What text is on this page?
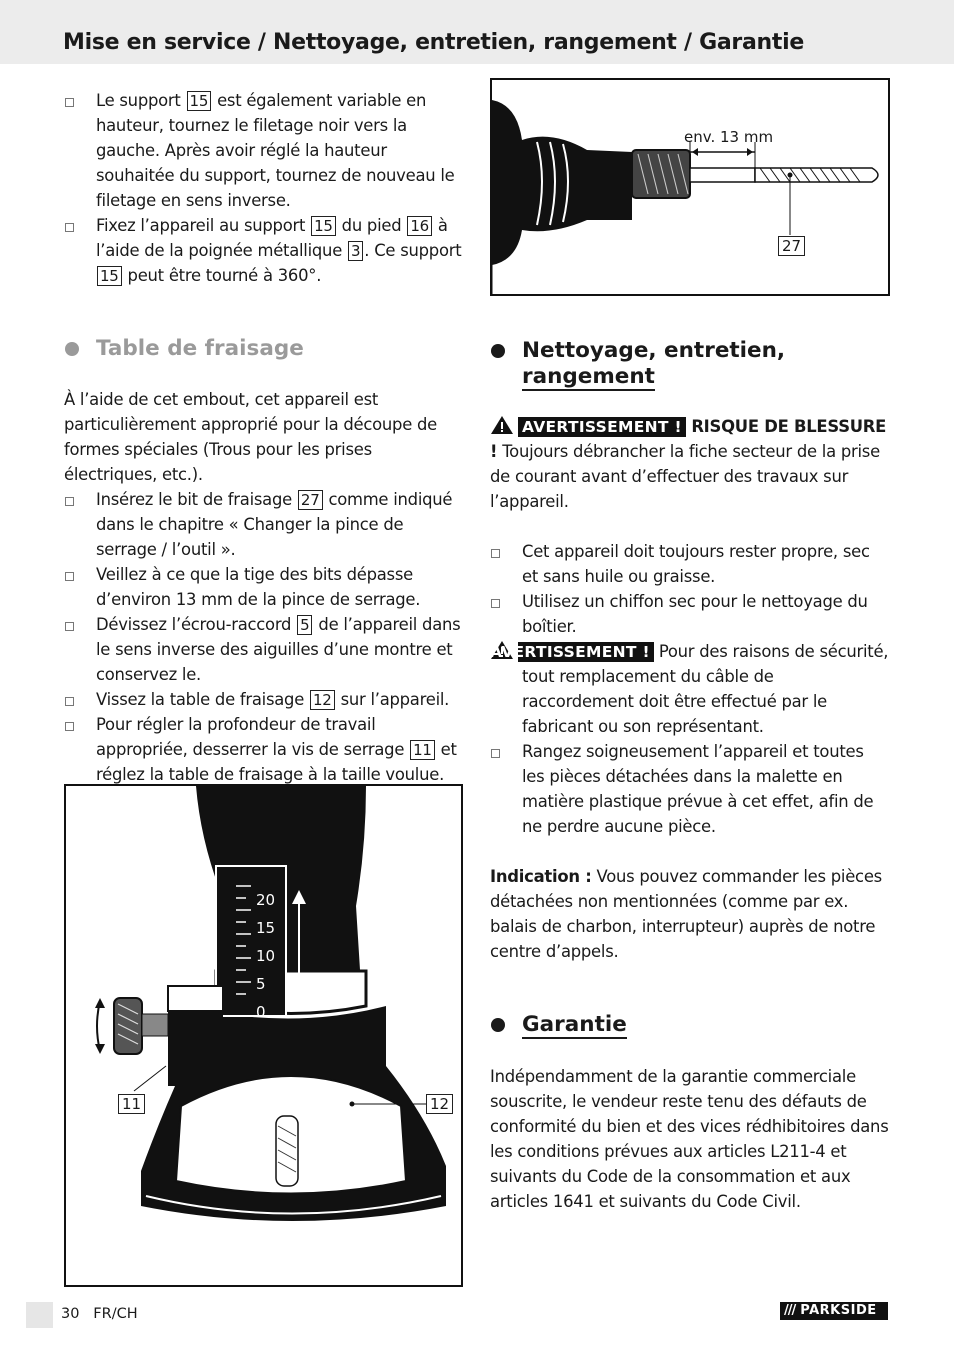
Mise en service / Nettoyage, entretien, rangement / Garantie

Le support 15 est également variable en hauteur, tournez le filetage noir vers la gauche. Après avoir réglé la hauteur souhaitée du support, tournez de nouveau le filetage en sens inverse.

Fixez l’appareil au support 15 du pied 16 à l’aide de la poignée métallique 3 . Ce support 15 peut être tourné à 360°.

Table de fraisage

À l’aide de cet embout, cet appareil est particulièrement approprié pour la découpe de formes spéciales (Trous pour les prises électriques, etc.).

Insérez le bit de fraisage 27 comme indiqué dans le chapitre « Changer la pince de serrage / l’outil ».

Veillez à ce que la tige des bits dépasse d’environ 13 mm de la pince de serrage.

Dévissez l’écrou-raccord 5 de l’appareil dans le sens inverse des aiguilles d’une montre et conservez le.

Vissez la table de fraisage 12 sur l’appareil.

Pour régler la profondeur de travail appropriée, desserrer la vis de serrage 11 et réglez la table de fraisage à la taille voulue.

20
15
10
5
0
11	12
env. 13 mm
27
Nettoyage, entretien,
rangement

AVERTISSEMENT ! RISQUE DE BLESSURE ! Toujours débrancher la fiche secteur de la prise de courant avant d’effectuer des travaux sur l’appareil.

Cet appareil doit toujours rester propre, sec et sans huile ou graisse.

Utilisez un chiffon sec pour le nettoyage du boîtier.

AVERTISSEMENT ! Pour des raisons de sécurité, tout remplacement du câble de raccordement doit être effectué par le fabricant ou son représentant.

Rangez soigneusement l’appareil et toutes les pièces détachées dans la malette en matière plastique prévue à cet effet, afin de ne perdre aucune pièce.

Indication : Vous pouvez commander les pièces détachées non mentionnées (comme par ex. balais de charbon, interrupteur) auprès de notre centre d’appels.

Garantie

Indépendamment de la garantie commerciale souscrite, le vendeur reste tenu des défauts de conformité du bien et des vices rédhibitoires dans les conditions prévues aux articles L211-4 et suivants du Code de la consommation et aux articles 1641 et suivants du Code Civil.

30 FR/CH	/// PARKSIDE
